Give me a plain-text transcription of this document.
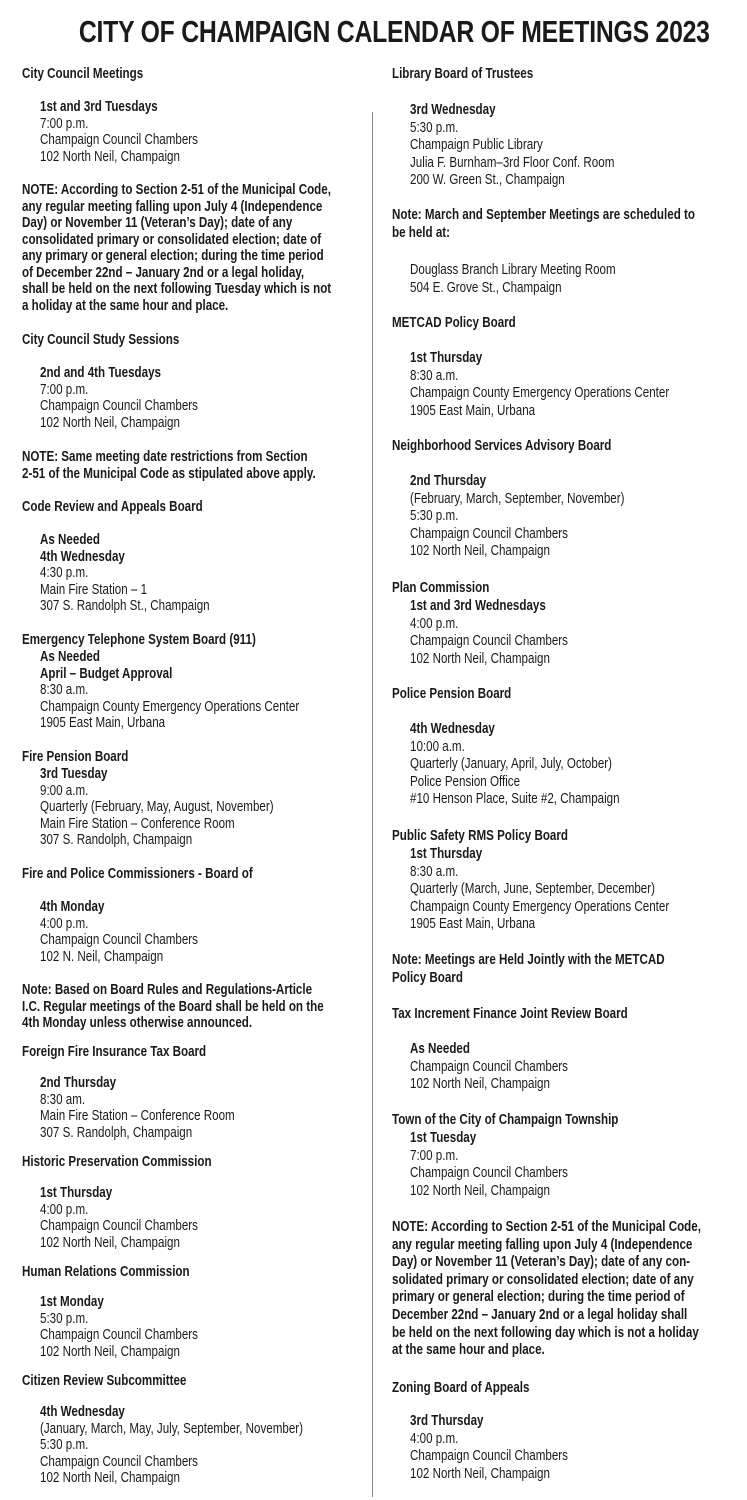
CITY OF CHAMPAIGN CALENDAR OF MEETINGS 2023
City Council Meetings
1st and 3rd Tuesdays
7:00 p.m.
Champaign Council Chambers
102 North Neil, Champaign
NOTE: According to Section 2-51 of the Municipal Code,
any regular meeting falling upon July 4 (Independence
Day) or November 11 (Veteran’s Day); date of any
consolidated primary or consolidated election; date of
any primary or general election; during the time period
of December 22nd – January 2nd or a legal holiday,
shall be held on the next following Tuesday which is not
a holiday at the same hour and place.
City Council Study Sessions
2nd and 4th Tuesdays
7:00 p.m.
Champaign Council Chambers
102 North Neil, Champaign
NOTE: Same meeting date restrictions from Section
2-51 of the Municipal Code as stipulated above apply.
Code Review and Appeals Board
As Needed
4th Wednesday
4:30 p.m.
Main Fire Station – 1
307 S. Randolph St., Champaign
Emergency Telephone System Board (911)
As Needed
April – Budget Approval
8:30 a.m.
Champaign County Emergency Operations Center
1905 East Main, Urbana
Fire Pension Board
3rd Tuesday
9:00 a.m.
Quarterly (February, May, August, November)
Main Fire Station – Conference Room
307 S. Randolph, Champaign
Fire and Police Commissioners - Board of
4th Monday
4:00 p.m.
Champaign Council Chambers
102 N. Neil, Champaign
Note: Based on Board Rules and Regulations-Article
I.C. Regular meetings of the Board shall be held on the
4th Monday unless otherwise announced.
Foreign Fire Insurance Tax Board
2nd Thursday
8:30 am.
Main Fire Station – Conference Room
307 S. Randolph, Champaign
Historic Preservation Commission
1st Thursday
4:00 p.m.
Champaign Council Chambers
102 North Neil, Champaign
Human Relations Commission
1st Monday
5:30 p.m.
Champaign Council Chambers
102 North Neil, Champaign
Citizen Review Subcommittee
4th Wednesday
(January, March, May, July, September, November)
5:30 p.m.
Champaign Council Chambers
102 North Neil, Champaign
Library Board of Trustees
3rd Wednesday
5:30 p.m.
Champaign Public Library
Julia F. Burnham–3rd Floor Conf. Room
200 W. Green St., Champaign
Note: March and September Meetings are scheduled to
be held at:
Douglass Branch Library Meeting Room
504 E. Grove St., Champaign
METCAD Policy Board
1st Thursday
8:30 a.m.
Champaign County Emergency Operations Center
1905 East Main, Urbana
Neighborhood Services Advisory Board
2nd Thursday
(February, March, September, November)
5:30 p.m.
Champaign Council Chambers
102 North Neil, Champaign
Plan Commission
1st and 3rd Wednesdays
4:00 p.m.
Champaign Council Chambers
102 North Neil, Champaign
Police Pension Board
4th Wednesday
10:00 a.m.
Quarterly (January, April, July, October)
Police Pension Office
#10 Henson Place, Suite #2, Champaign
Public Safety RMS Policy Board
1st Thursday
8:30 a.m.
Quarterly (March, June, September, December)
Champaign County Emergency Operations Center
1905 East Main, Urbana
Note: Meetings are Held Jointly with the METCAD
Policy Board
Tax Increment Finance Joint Review Board
As Needed
Champaign Council Chambers
102 North Neil, Champaign
Town of the City of Champaign Township
1st Tuesday
7:00 p.m.
Champaign Council Chambers
102 North Neil, Champaign
NOTE: According to Section 2-51 of the Municipal Code,
any regular meeting falling upon July 4 (Independence
Day) or November 11 (Veteran’s Day); date of any con-
solidated primary or consolidated election; date of any
primary or general election; during the time period of
December 22nd – January 2nd or a legal holiday shall
be held on the next following day which is not a holiday
at the same hour and place.
Zoning Board of Appeals
3rd Thursday
4:00 p.m.
Champaign Council Chambers
102 North Neil, Champaign
